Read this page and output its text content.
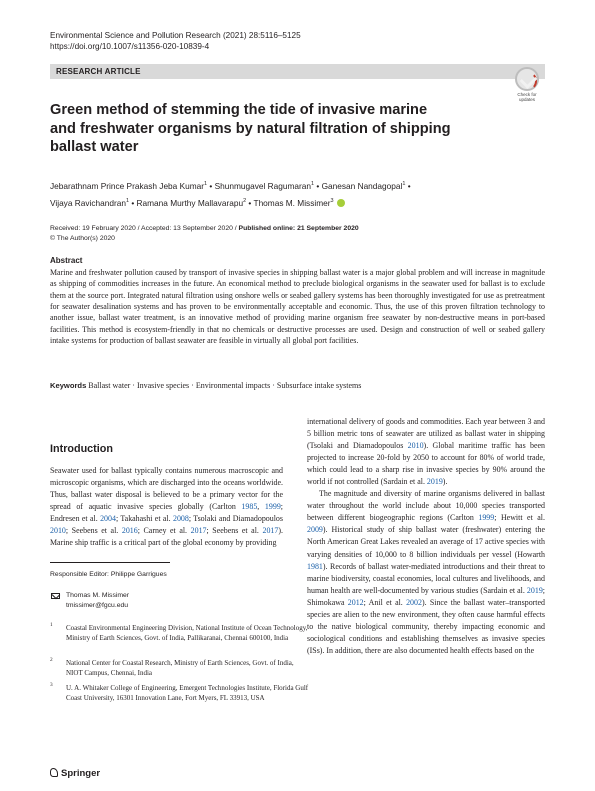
Environmental Science and Pollution Research (2021) 28:5116–5125
https://doi.org/10.1007/s11356-020-10839-4
RESEARCH ARTICLE
Check for
updates
Green method of stemming the tide of invasive marine
and freshwater organisms by natural filtration of shipping
ballast water
Jebarathnam Prince Prakash Jeba Kumar$^1$ • Shunmugavel Ragumaran$^1$ • Ganesan Nandagopal$^1$ •
Vijaya Ravichandran$^1$ • Ramana Murthy Mallavarapu$^2$ • Thomas M. Missimer$^3$
Received: 19 February 2020 / Accepted: 13 September 2020 / Published online: 21 September 2020
© The Author(s) 2020
Abstract
Marine and freshwater pollution caused by transport of invasive species in shipping ballast water is a major global problem and will increase in magnitude as shipping of commodities increases in the future. An economical method to preclude biological organisms in the seawater used for ballast is to exclude them at the source port. Integrated natural filtration using onshore wells or seabed gallery systems has been thoroughly investigated for use as pretreatment for seawater desalination systems and has proven to be environmentally acceptable and economic. Thus, the use of this proven filtration technology to another issue, ballast water treatment, is an innovative method of providing marine organism free seawater by non-destructive means in port-based facilities. This method is ecosystem-friendly in that no chemicals or destructive processes are used. Design and construction of well or seabed gallery intake systems for production of ballast seawater are feasible in virtually all global port facilities.
Keywords Ballast water · Invasive species · Environmental impacts · Subsurface intake systems
Introduction

Seawater used for ballast typically contains numerous macroscopic and microscopic organisms, which are discharged into the oceans worldwide. Thus, ballast water disposal is believed to be a primary vector for the spread of aquatic invasive species globally (Carlton 1985, 1999; Endresen et al. 2004; Takahashi et al. 2008; Tsolaki and Diamadopoulos 2010; Seebens et al. 2016; Carney et al. 2017; Seebens et al. 2017). Marine ship traffic is a critical part of the global economy by providing

international delivery of goods and commodities. Each year between 3 and 5 billion metric tons of seawater are utilized as ballast water in shipping (Tsolaki and Diamadopoulos 2010). Global maritime traffic has been projected to increase 20-fold by 2050 to account for 80% of world trade, which could lead to a sharp rise in invasive species by 90% around the world if not controlled (Sardain et al. 2019).

The magnitude and diversity of marine organisms delivered in ballast water throughout the world include about 10,000 species transported between different biogeographic regions (Carlton 1999; Hewitt et al. 2009). Historical study of ship ballast water (freshwater) entering the North American Great Lakes revealed an average of 17 active species with varying densities of 10,000 to 8 billion individuals per vessel (Howarth 1981). Records of ballast water-mediated introductions and their threat to marine biodiversity, coastal economies, local cultures and livelihoods, and human health are well-documented by various studies (Sardain et al. 2019; Shimokawa 2012; Anil et al. 2002). Since the ballast water–transported species are alien to the new environment, they often cause harmful effects to the native biological community, thereby impacting economic and sociological conditions and establishing themselves as invasive species (ISs). In addition, there are also documented health effects based on the

Responsible Editor: Philippe Garrigues
Thomas M. Missimer
tmissimer@fgcu.edu
1 Coastal Environmental Engineering Division, National Institute of Ocean Technology, Ministry of Earth Sciences, Govt. of India, Pallikaranai, Chennai 600100, India
2 National Center for Coastal Research, Ministry of Earth Sciences, Govt. of India, NIOT Campus, Chennai, India
3 U. A. Whitaker College of Engineering, Emergent Technologies Institute, Florida Gulf Coast University, 16301 Innovation Lane, Fort Myers, FL 33913, USA
Springer
